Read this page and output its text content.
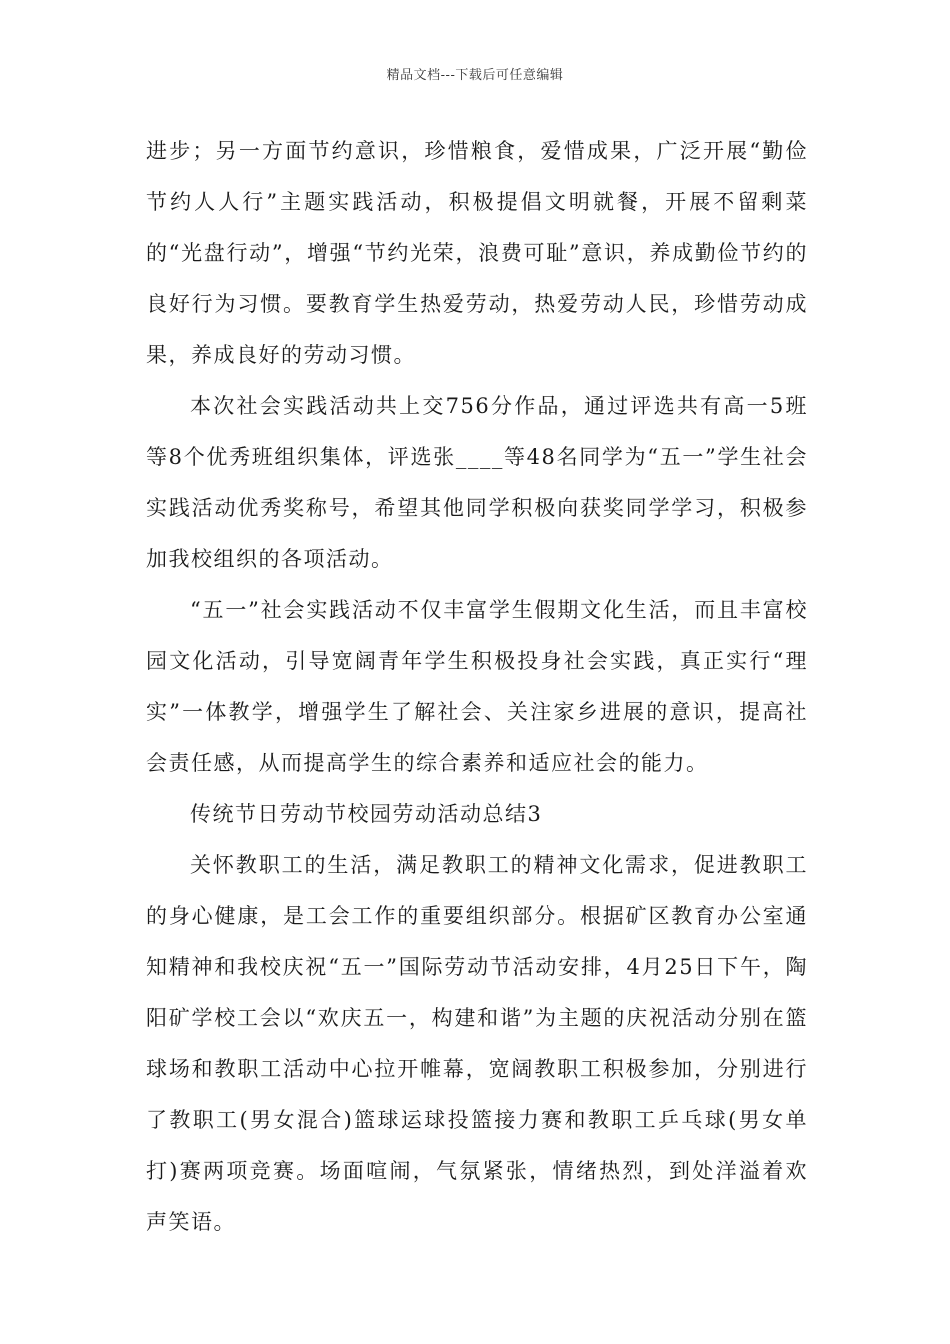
精品文档---下载后可任意编辑

进步；另一方面节约意识，珍惜粮食，爱惜成果，广泛开展“勤俭节约人人行”主题实践活动，积极提倡文明就餐，开展不留剩菜的“光盘行动”，增强“节约光荣，浪费可耻”意识，养成勤俭节约的良好行为习惯。要教育学生热爱劳动，热爱劳动人民，珍惜劳动成果，养成良好的劳动习惯。

本次社会实践活动共上交756分作品，通过评选共有高一5班等8个优秀班组织集体，评选张____等48名同学为“五一”学生社会实践活动优秀奖称号，希望其他同学积极向获奖同学学习，积极参加我校组织的各项活动。

“五一”社会实践活动不仅丰富学生假期文化生活，而且丰富校园文化活动，引导宽阔青年学生积极投身社会实践，真正实行“理实”一体教学，增强学生了解社会、关注家乡进展的意识，提高社会责任感，从而提高学生的综合素养和适应社会的能力。

传统节日劳动节校园劳动活动总结3

关怀教职工的生活，满足教职工的精神文化需求，促进教职工的身心健康，是工会工作的重要组织部分。根据矿区教育办公室通知精神和我校庆祝“五一”国际劳动节活动安排，4月25日下午，陶阳矿学校工会以“欢庆五一，构建和谐”为主题的庆祝活动分别在篮球场和教职工活动中心拉开帷幕，宽阔教职工积极参加，分别进行了教职工(男女混合)篮球运球投篮接力赛和教职工乒乓球(男女单打)赛两项竞赛。场面喧闹，气氛紧张，情绪热烈，到处洋溢着欢声笑语。
